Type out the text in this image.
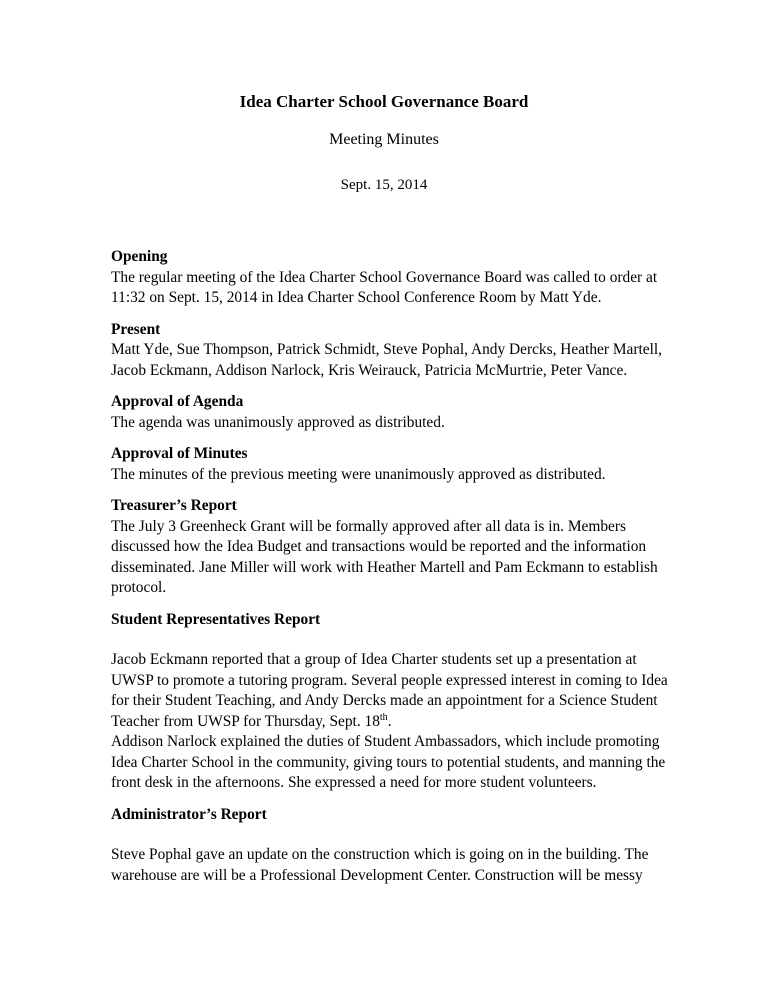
Idea Charter School Governance Board
Meeting Minutes
Sept. 15, 2014

Opening

The regular meeting of the Idea Charter School Governance Board was called to order at 11:32 on Sept. 15, 2014 in Idea Charter School Conference Room by Matt Yde.

Present

Matt Yde, Sue Thompson, Patrick Schmidt, Steve Pophal, Andy Dercks, Heather Martell, Jacob Eckmann, Addison Narlock, Kris Weirauck, Patricia McMurtrie, Peter Vance.

Approval of Agenda

The agenda was unanimously approved as distributed.

Approval of Minutes

The minutes of the previous meeting were unanimously approved as distributed.

Treasurer’s Report

The July 3 Greenheck Grant will be formally approved after all data is in. Members discussed how the Idea Budget and transactions would be reported and the information disseminated. Jane Miller will work with Heather Martell and Pam Eckmann to establish protocol.

Student Representatives Report

Jacob Eckmann reported that a group of Idea Charter students set up a presentation at UWSP to promote a tutoring program. Several people expressed interest in coming to Idea for their Student Teaching, and Andy Dercks made an appointment for a Science Student Teacher from UWSP for Thursday, Sept. 18th.

Addison Narlock explained the duties of Student Ambassadors, which include promoting Idea Charter School in the community, giving tours to potential students, and manning the front desk in the afternoons. She expressed a need for more student volunteers.

Administrator’s Report

Steve Pophal gave an update on the construction which is going on in the building. The warehouse are will be a Professional Development Center. Construction will be messy
